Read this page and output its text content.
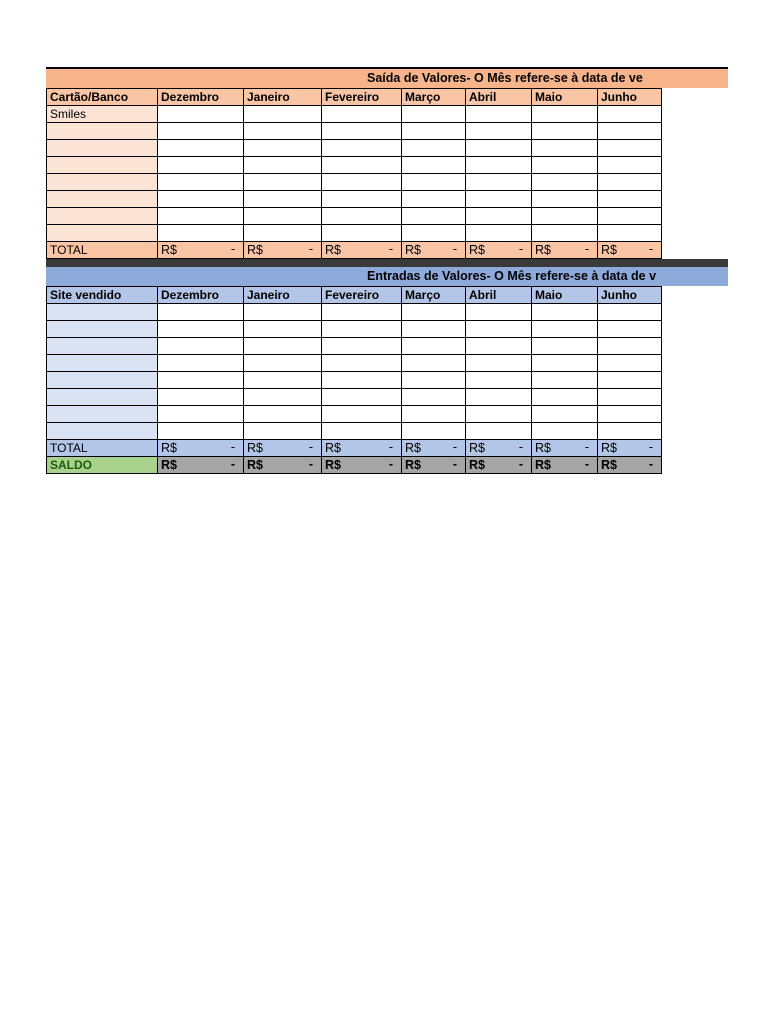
Saída de Valores- O Mês refere-se à data de ve
Cartão/Banco	Dezembro	Janeiro	Fevereiro	Março	Abril	Maio	Junho
Smiles							

TOTAL	R$ -	R$ -	R$ -	R$ -	R$ -	R$ -	R$ -
Entradas de Valores- O Mês refere-se à data de v
Site vendido	Dezembro	Janeiro	Fevereiro	Março	Abril	Maio	Junho

TOTAL	R$ -	R$ -	R$ -	R$ -	R$ -	R$ -	R$ -

SALDO	R$ -	R$ -	R$ -	R$ -	R$ -	R$ -	R$ -
